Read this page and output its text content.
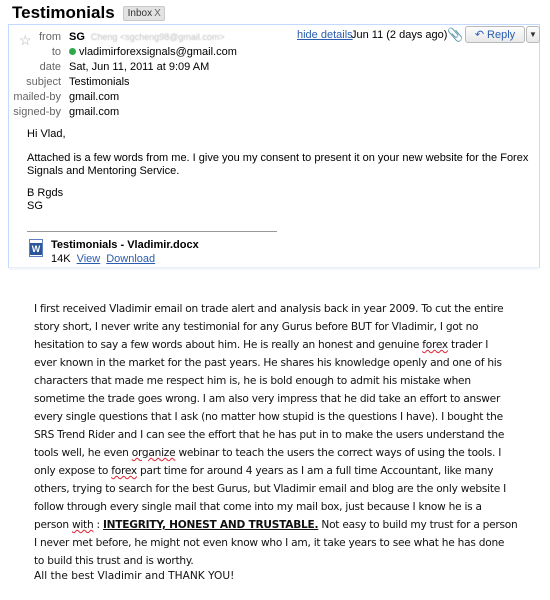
Testimonials Inbox X
☆ from SG Cheng <sgcheng98@gmail.com>
to	vladimirforexsignals@gmail.com
date Sat, Jun 11, 2011 at 9:09 AM
subject Testimonials
mailed-by gmail.com
signed-by gmail.com
hide details
Jun 11 (2 days ago) 📎 ↶ Reply ▼
Hi Vlad,
Attached is a few words from me. I give you my consent to present it on your new website for the Forex
Signals and Mentoring Service.
B Rgds
SG
W Testimonials - Vladimir.docx
14K View Download

I first received Vladimir email on trade alert and analysis back in year 2009. To cut the entire

story short, I never write any testimonial for any Gurus before BUT for Vladimir, I got no

hesitation to say a few words about him. He is really an honest and genuine forex trader I

ever known in the market for the past years. He shares his knowledge openly and one of his

characters that made me respect him is, he is bold enough to admit his mistake when

sometime the trade goes wrong. I am also very impress that he did take an effort to answer

every single questions that I ask (no matter how stupid is the questions I have). I bought the

SRS Trend Rider and I can see the effort that he has put in to make the users understand the

tools well, he even organize webinar to teach the users the correct ways of using the tools. I

only expose to forex part time for around 4 years as I am a full time Accountant, like many

others, trying to search for the best Gurus, but Vladimir email and blog are the only website I

follow through every single mail that come into my mail box, just because I know he is a

person with : INTEGRITY, HONEST AND TRUSTABLE. Not easy to build my trust for a person

I never met before, he might not even know who I am, it take years to see what he has done

to build this trust and is worthy.

All the best Vladimir and THANK YOU!
